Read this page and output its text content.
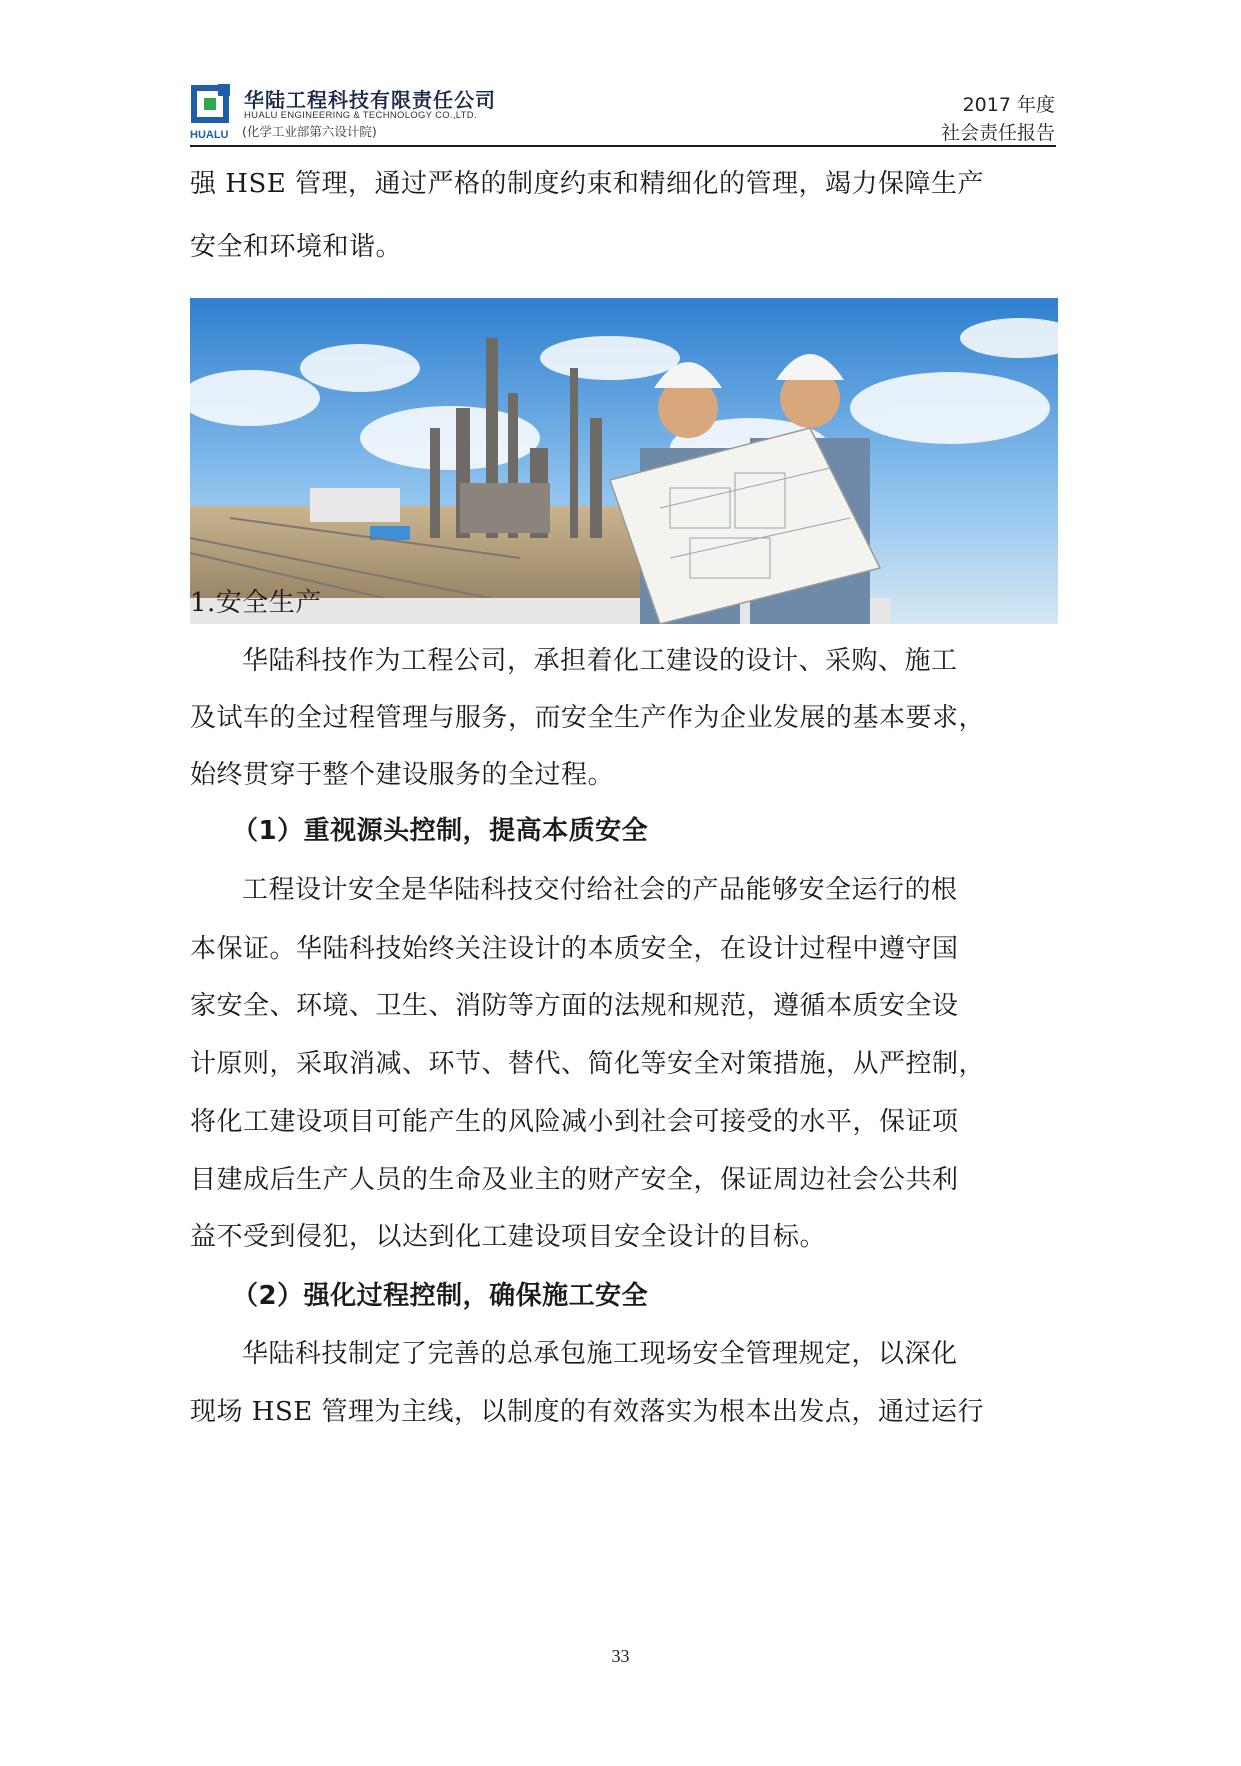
HUALU
华陆工程科技有限责任公司
HUALU ENGINEERING & TECHNOLOGY CO.,LTD.
(化学工业部第六设计院)
2017 年度
社会责任报告
强 HSE 管理，通过严格的制度约束和精细化的管理，竭力保障生产
安全和环境和谐。
1.安全生产
华陆科技作为工程公司，承担着化工建设的设计、采购、施工
及试车的全过程管理与服务，而安全生产作为企业发展的基本要求，
始终贯穿于整个建设服务的全过程。
（1）重视源头控制，提高本质安全
工程设计安全是华陆科技交付给社会的产品能够安全运行的根
本保证。华陆科技始终关注设计的本质安全，在设计过程中遵守国
家安全、环境、卫生、消防等方面的法规和规范，遵循本质安全设
计原则，采取消减、环节、替代、简化等安全对策措施，从严控制，
将化工建设项目可能产生的风险减小到社会可接受的水平，保证项
目建成后生产人员的生命及业主的财产安全，保证周边社会公共利
益不受到侵犯，以达到化工建设项目安全设计的目标。
（2）强化过程控制，确保施工安全
华陆科技制定了完善的总承包施工现场安全管理规定，以深化
现场 HSE 管理为主线，以制度的有效落实为根本出发点，通过运行
33
